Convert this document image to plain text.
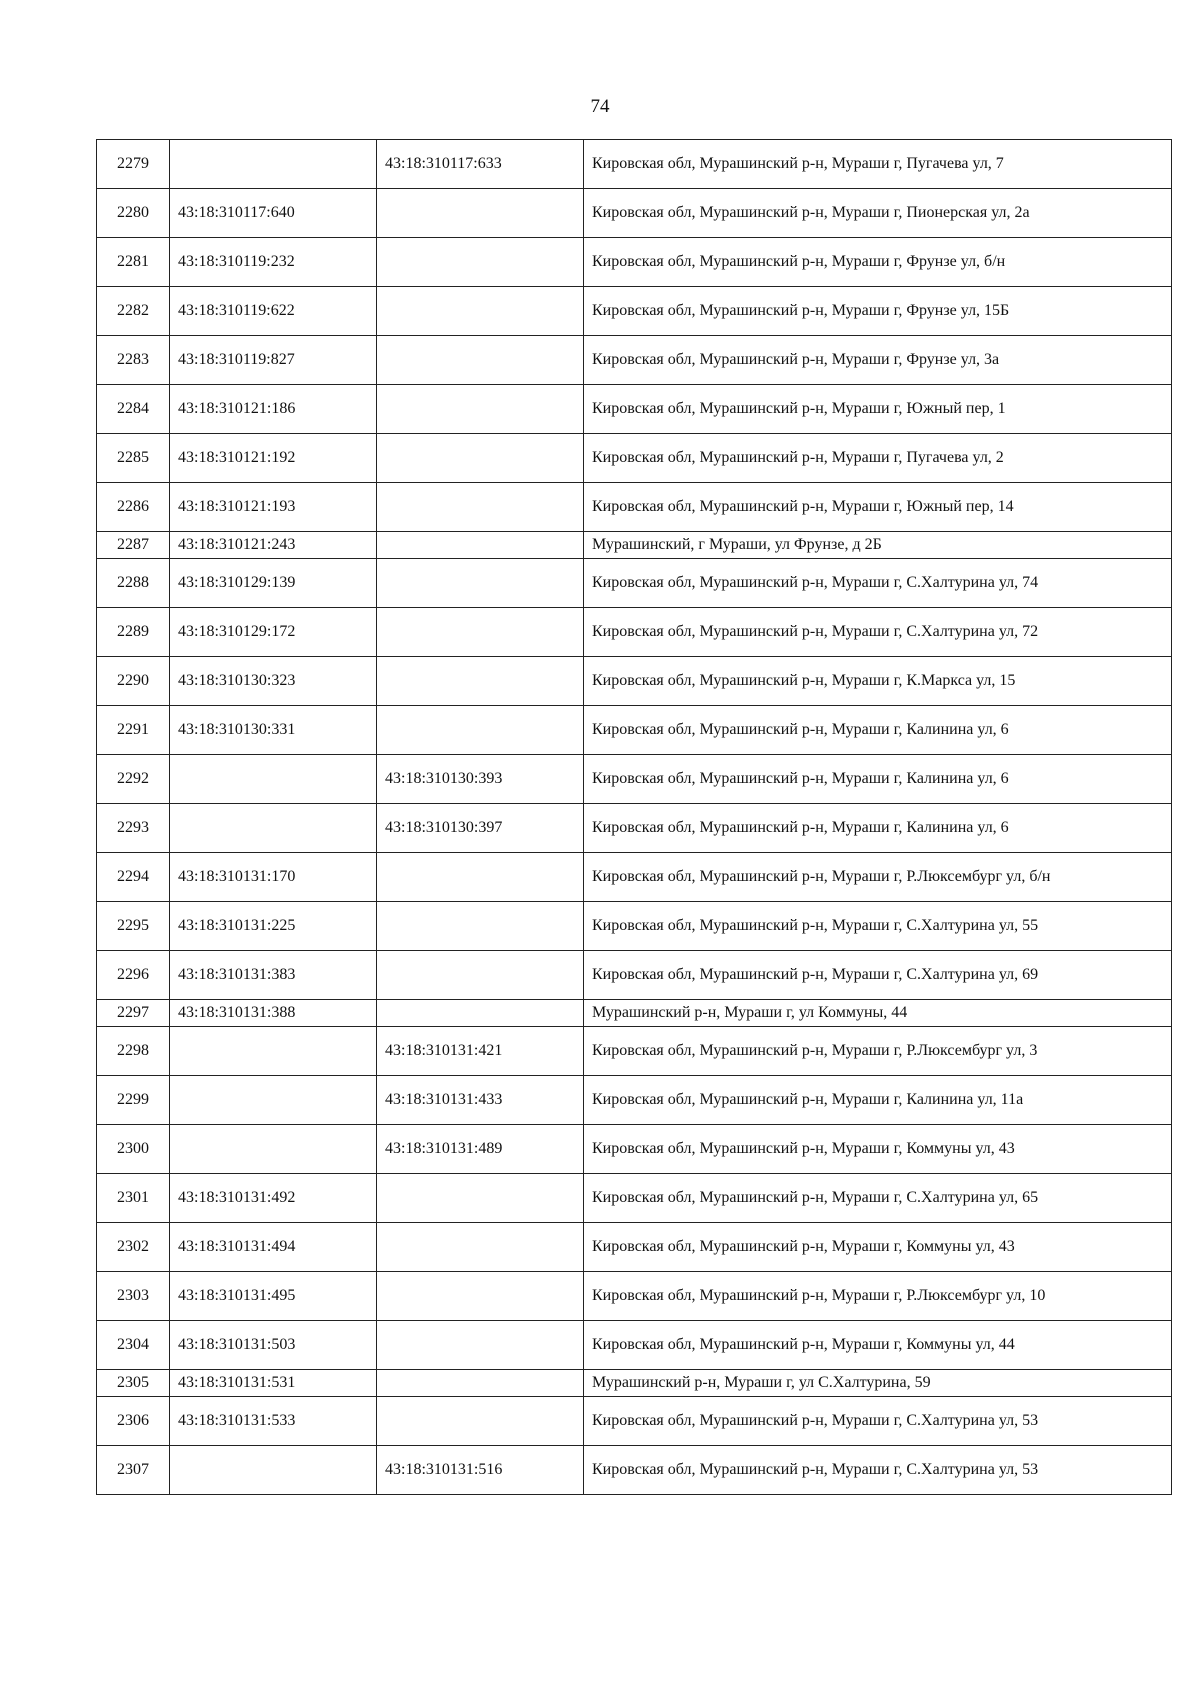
74
2279		43:18:310117:633	Кировская обл, Мурашинский р-н, Мураши г, Пугачева ул, 7
2280	43:18:310117:640		Кировская обл, Мурашинский р-н, Мураши г, Пионерская ул, 2а
2281	43:18:310119:232		Кировская обл, Мурашинский р-н, Мураши г, Фрунзе ул, б/н
2282	43:18:310119:622		Кировская обл, Мурашинский р-н, Мураши г, Фрунзе ул, 15Б
2283	43:18:310119:827		Кировская обл, Мурашинский р-н, Мураши г, Фрунзе ул, 3а
2284	43:18:310121:186		Кировская обл, Мурашинский р-н, Мураши г, Южный пер, 1
2285	43:18:310121:192		Кировская обл, Мурашинский р-н, Мураши г, Пугачева ул, 2
2286	43:18:310121:193		Кировская обл, Мурашинский р-н, Мураши г, Южный пер, 14
2287	43:18:310121:243		Мурашинский, г Мураши, ул Фрунзе, д 2Б
2288	43:18:310129:139		Кировская обл, Мурашинский р-н, Мураши г, С.Халтурина ул, 74
2289	43:18:310129:172		Кировская обл, Мурашинский р-н, Мураши г, С.Халтурина ул, 72
2290	43:18:310130:323		Кировская обл, Мурашинский р-н, Мураши г, К.Маркса ул, 15
2291	43:18:310130:331		Кировская обл, Мурашинский р-н, Мураши г, Калинина ул, 6
2292		43:18:310130:393	Кировская обл, Мурашинский р-н, Мураши г, Калинина ул, 6
2293		43:18:310130:397	Кировская обл, Мурашинский р-н, Мураши г, Калинина ул, 6
2294	43:18:310131:170		Кировская обл, Мурашинский р-н, Мураши г, Р.Люксембург ул, б/н
2295	43:18:310131:225		Кировская обл, Мурашинский р-н, Мураши г, С.Халтурина ул, 55
2296	43:18:310131:383		Кировская обл, Мурашинский р-н, Мураши г, С.Халтурина ул, 69
2297	43:18:310131:388		Мурашинский р-н, Мураши г, ул Коммуны, 44
2298		43:18:310131:421	Кировская обл, Мурашинский р-н, Мураши г, Р.Люксембург ул, 3
2299		43:18:310131:433	Кировская обл, Мурашинский р-н, Мураши г, Калинина ул, 11а
2300		43:18:310131:489	Кировская обл, Мурашинский р-н, Мураши г, Коммуны ул, 43
2301	43:18:310131:492		Кировская обл, Мурашинский р-н, Мураши г, С.Халтурина ул, 65
2302	43:18:310131:494		Кировская обл, Мурашинский р-н, Мураши г, Коммуны ул, 43
2303	43:18:310131:495		Кировская обл, Мурашинский р-н, Мураши г, Р.Люксембург ул, 10
2304	43:18:310131:503		Кировская обл, Мурашинский р-н, Мураши г, Коммуны ул, 44
2305	43:18:310131:531		Мурашинский р-н, Мураши г, ул С.Халтурина, 59
2306	43:18:310131:533		Кировская обл, Мурашинский р-н, Мураши г, С.Халтурина ул, 53
2307		43:18:310131:516	Кировская обл, Мурашинский р-н, Мураши г, С.Халтурина ул, 53
